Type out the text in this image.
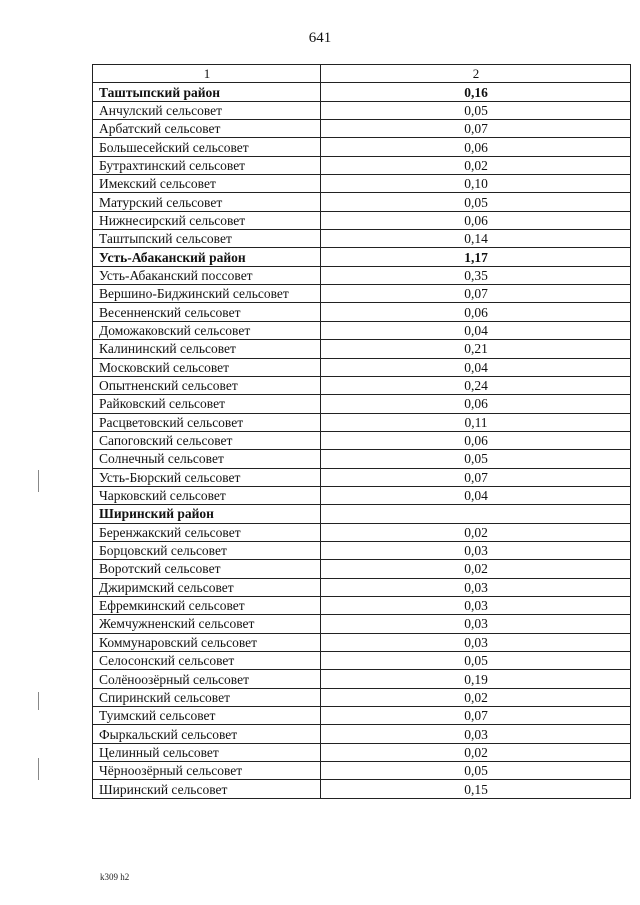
641
1	2
Таштыпский район	0,16
Анчулский сельсовет	0,05
Арбатский сельсовет	0,07
Большесейский сельсовет	0,06
Бутрахтинский сельсовет	0,02
Имекский сельсовет	0,10
Матурский сельсовет	0,05
Нижнесирский сельсовет	0,06
Таштыпский сельсовет	0,14
Усть-Абаканский район	1,17
Усть-Абаканский поссовет	0,35
Вершино-Биджинский сельсовет	0,07
Весенненский сельсовет	0,06
Доможаковский сельсовет	0,04
Калининский сельсовет	0,21
Московский сельсовет	0,04
Опытненский сельсовет	0,24
Райковский сельсовет	0,06
Расцветовский сельсовет	0,11
Сапоговский сельсовет	0,06
Солнечный сельсовет	0,05
Усть-Бюрский сельсовет	0,07
Чарковский сельсовет	0,04
Ширинский район	
Беренжакский сельсовет	0,02
Борцовский сельсовет	0,03
Воротский сельсовет	0,02
Джиримский сельсовет	0,03
Ефремкинский сельсовет	0,03
Жемчужненский сельсовет	0,03
Коммунаровский сельсовет	0,03
Селосонский сельсовет	0,05
Солёноозёрный сельсовет	0,19
Спиринский сельсовет	0,02
Туимский сельсовет	0,07
Фыркальский сельсовет	0,03
Целинный сельсовет	0,02
Чёрноозёрный сельсовет	0,05
Ширинский сельсовет	0,15
k309 h2
